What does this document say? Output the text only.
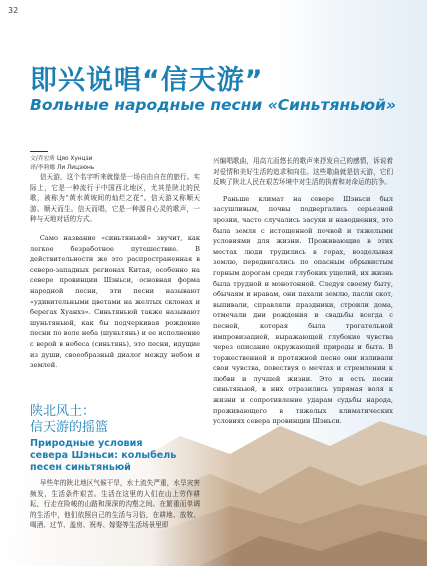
32
即兴说唱“信天游”
Вольные народные песни «Синьтяньюй»
文/乔宏昕 Цяо Хунцзи
译/李莉娜 Ли Лицзюнь

信天游，这个名字听来就像是一场自由自在的旅行。实际上，它是一种流行于中国西北地区，尤其是陕北的民歌，被称为“黄水黄坡间的灿烂之花”。信天游又称顺天游、顺天而生。信天而唱，它是一种源自心灵的歌声，一种与天地对话的方式。

Само название «синьтяньюй» звучит, как легкое безработное путешествие. В действительности же это распространенная в северо-западных регионах Китая, особенно на севере провинции Шэньси, основная форма народной песни, эти песни называют «удивительными цветами на желтых склонах и берегах Хуанхэ». Синьтяньюй также называют шуньтяньюй, как бы подчеркивая рождение песни по воле неба (шуньтянь) и ее исполнение с верой в небеса (синьтянь), это песни, идущие из души, своеобразный диалог между небом и землей.

陕北风土：
信天游的摇篮
Природные условия
севера Шэньси: колыбель
песен синьтяньюй

早些年的陕北地区气候干旱，水土流失严重，水旱灾害频发，生活条件艰苦。生活在这里的人们在山上劳作耕耘，行走在险峻的山路和深深的沟壑之间。在繁重而单调的生活中，他们依照自己的生活与习俗，在耕地、放牧、喝酒、过节、盖房、祝寿、嫁娶等生活场景里即

兴编唱歌曲，用高亢而悠长的歌声来抒发自己的感情，诉说着对爱情和美好生活的追求和向往。这些歌曲就是信天游，它们反映了陕北人民在艰苦环境中对生活的执着和对命运的抗争。

Раньше климат на севере Шэньси был засушливым, почвы подвергались серьезной эрозии, часто случались засухи и наводнения, это была земля с истощенной почвой и тяжелыми условиями для жизни. Проживающие в этих местах люди трудились в горах, возделывая землю, передвигались по опасным обрывистым горным дорогам среди глубоких ущелий, их жизнь была трудной и монотонной. Следуя своему быту, обычаям и нравам, они пахали землю, пасли скот, выпивали, справляли праздники, строили дома, отмечали дни рождения и свадьбы всегда с песней, которая была трогательной импровизацией, выражающей глубокие чувства через описание окружающей природы и быта. В торжественной и протяжной песне они изливали свои чувства, повествуя о мечтах и стремлении к любви и лучшей жизни. Это и есть песни синьтяньюй, в них отразились упрямая воля к жизни и сопротивление ударам судьбы народа, проживающего в тяжелых климатических условиях севера провинции Шэньси.
